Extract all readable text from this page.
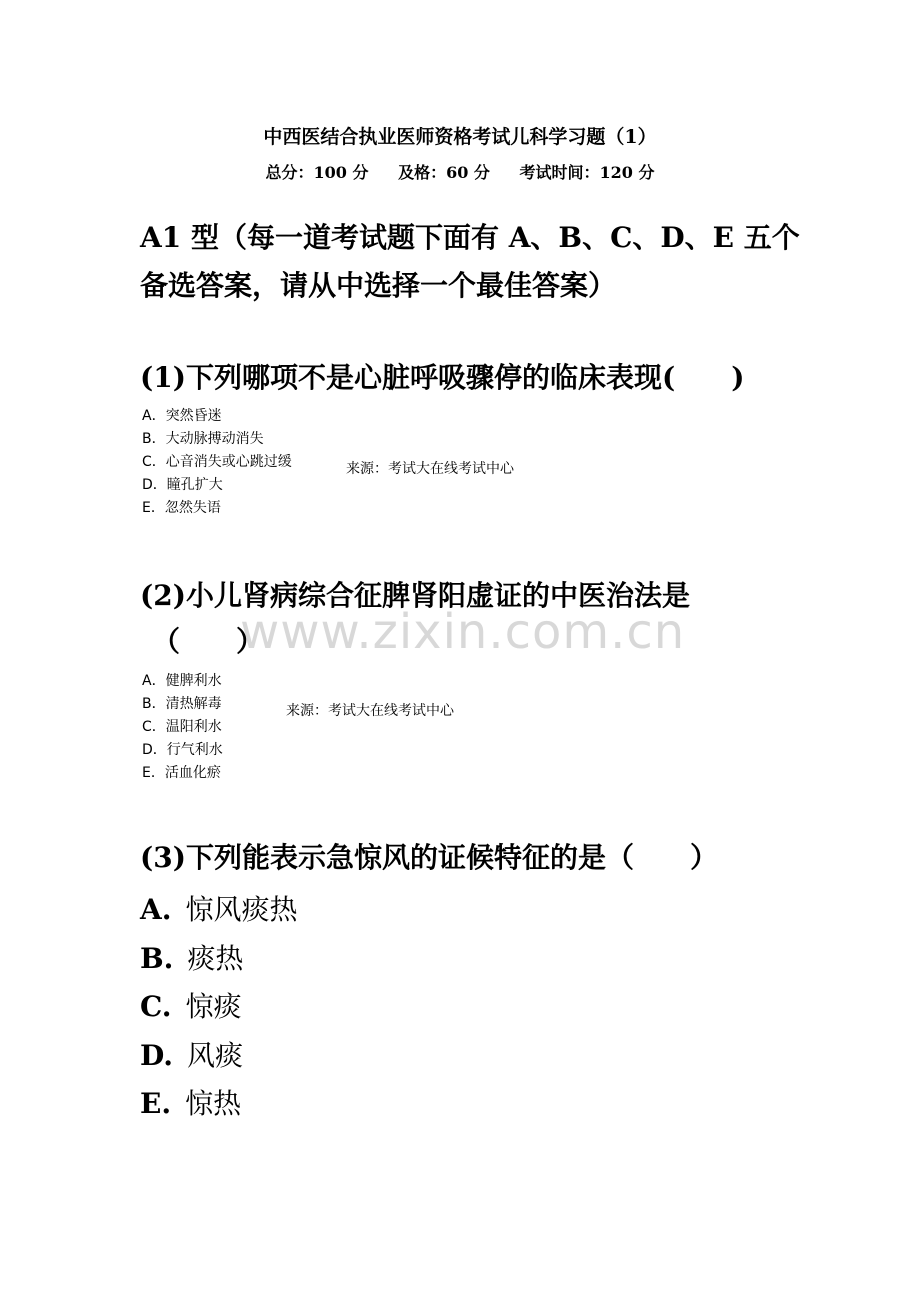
中西医结合执业医师资格考试儿科学习题（1）
总分：100 分 及格：60 分 考试时间：120 分
A1 型（每一道考试题下面有 A、B、C、D、E 五个备选答案，请从中选择一个最佳答案）
(1)下列哪项不是心脏呼吸骤停的临床表现(　　)
A．突然昏迷
B．大动脉搏动消失
C．心音消失或心跳过缓
D．瞳孔扩大
E．忽然失语
来源：考试大在线考试中心
(2)小儿肾病综合征脾肾阳虚证的中医治法是
www.zixin.com.cn
（　　）
A．健脾利水
B．清热解毒
C．温阳利水
D．行气利水
E．活血化瘀
来源：考试大在线考试中心
(3)下列能表示急惊风的证候特征的是（　　）
A. 惊风痰热
B. 痰热
C. 惊痰
D. 风痰
E. 惊热
